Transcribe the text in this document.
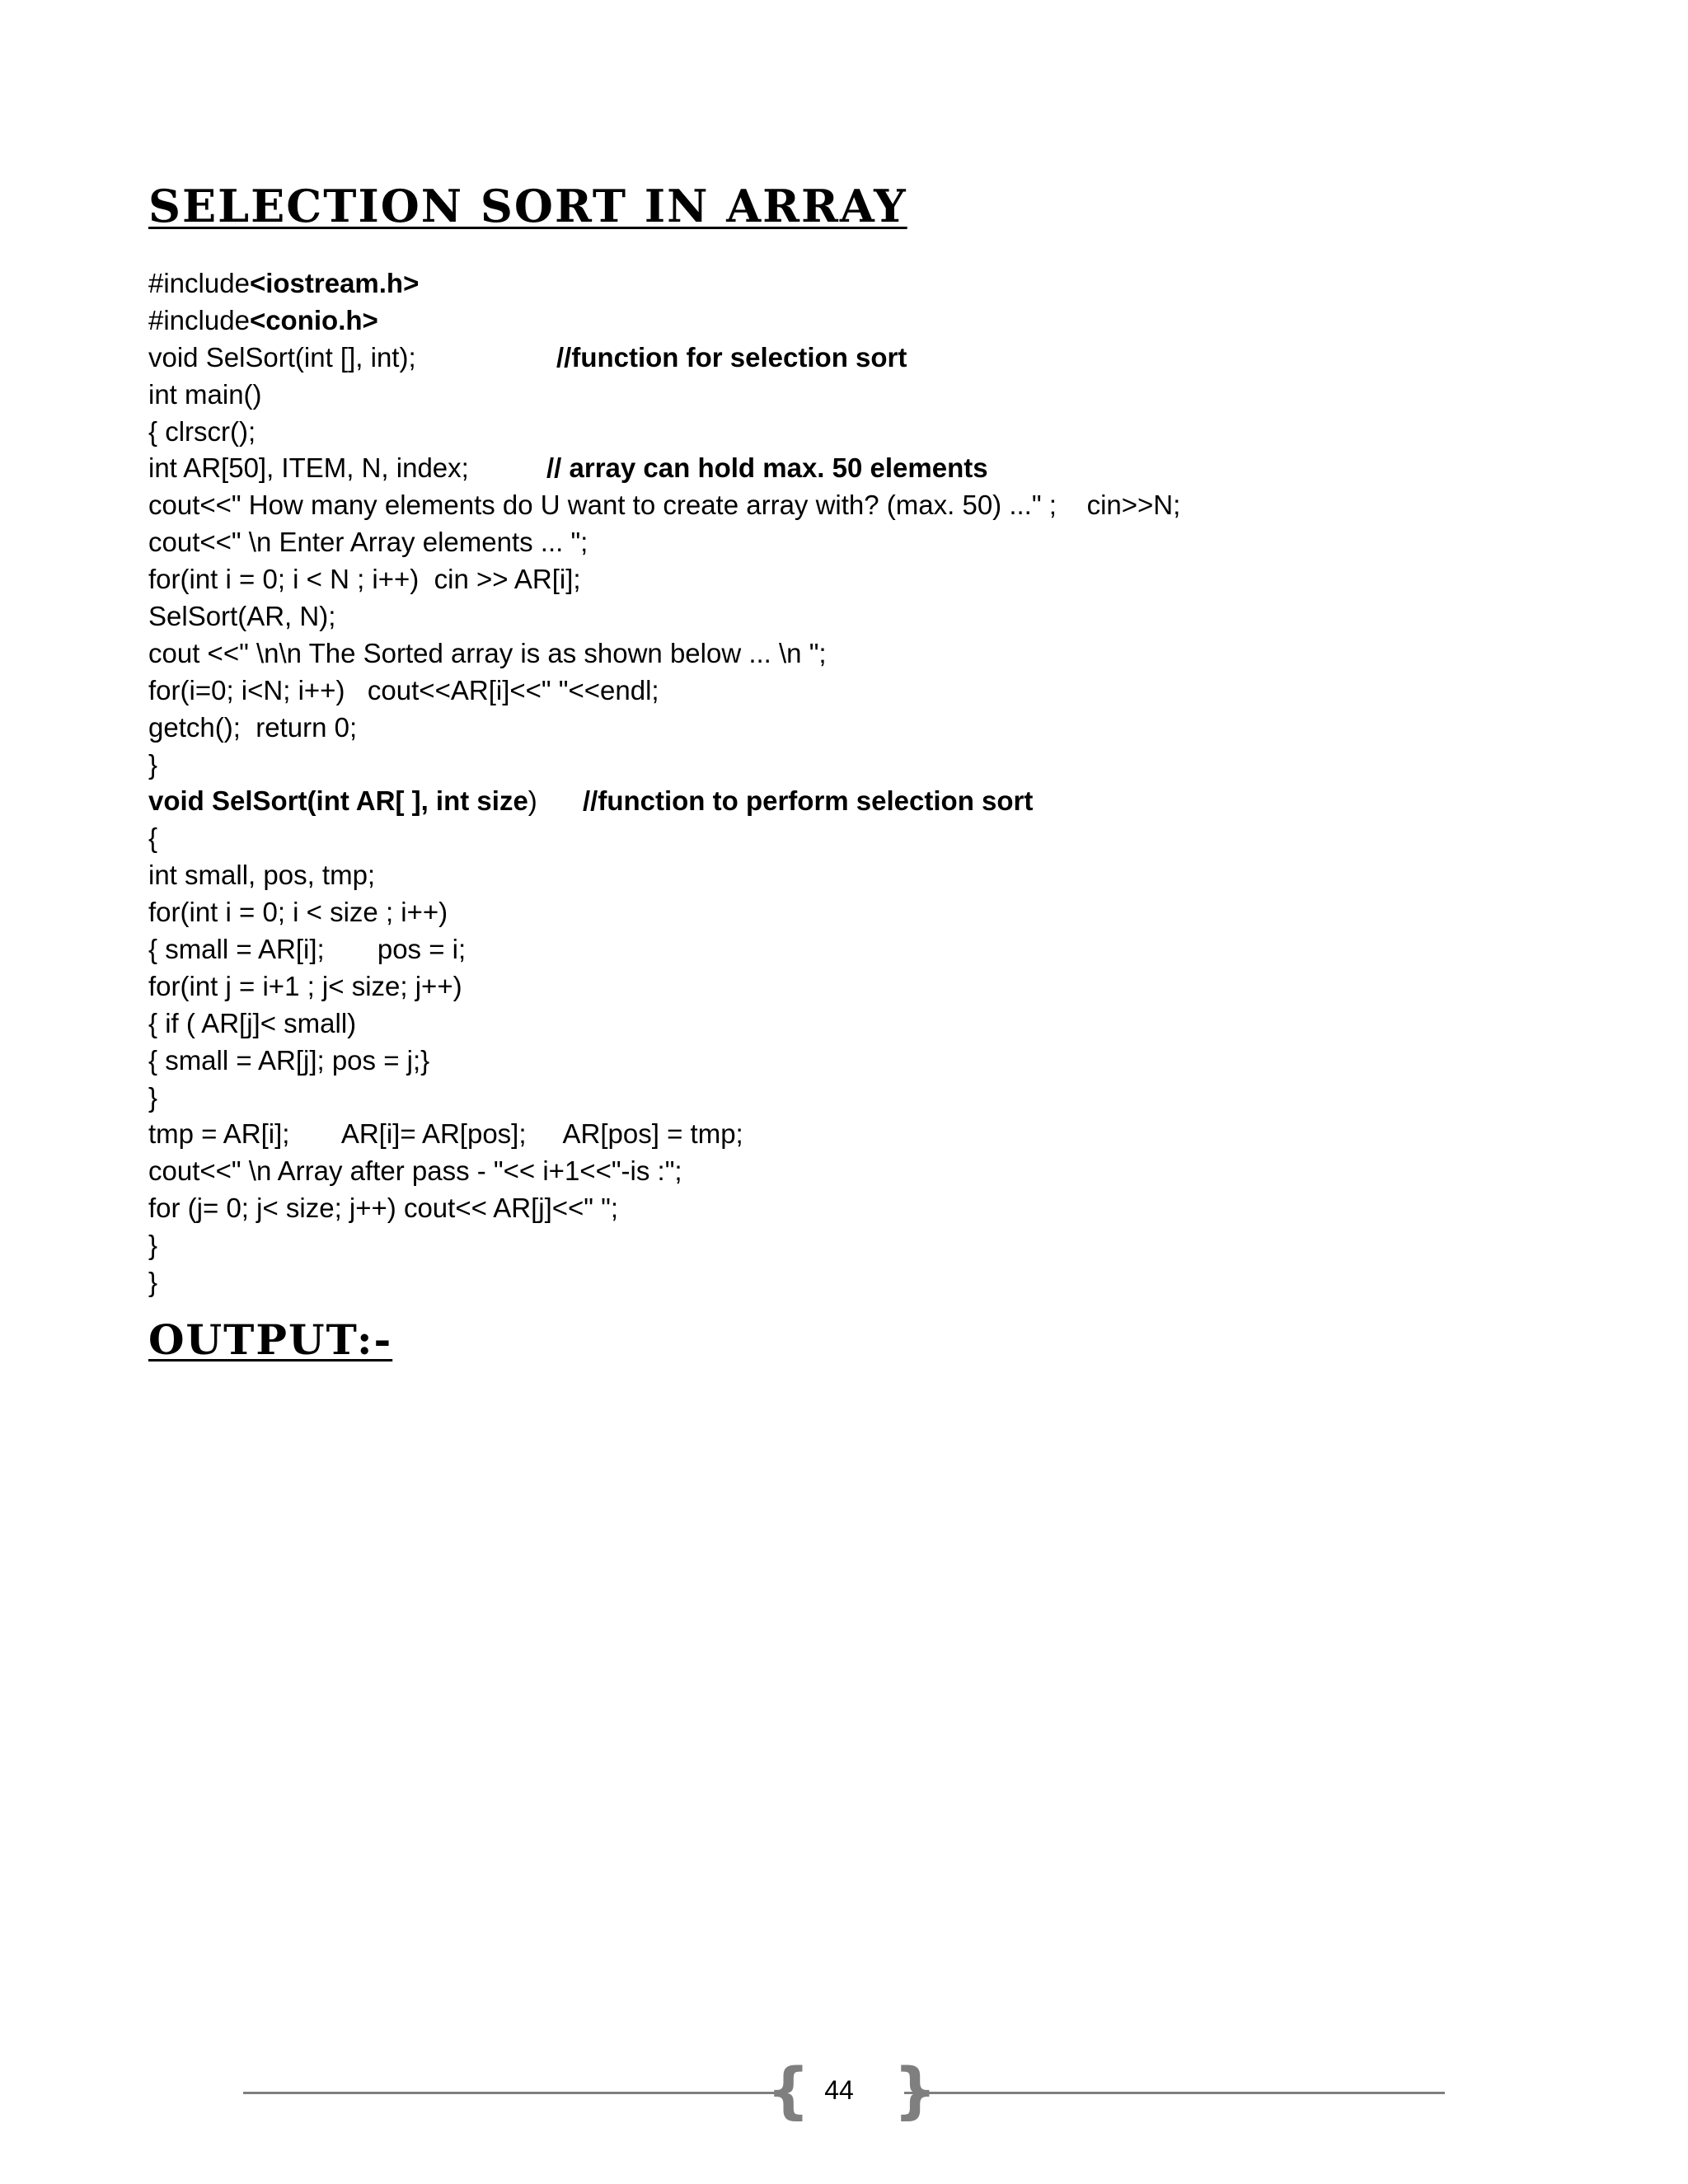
SELECTION SORT IN ARRAY
#include<iostream.h>
#include<conio.h>
void SelSort(int [], int);	//function for selection sort
int main()
{ clrscr();
int AR[50], ITEM, N, index;	// array can hold max. 50 elements
cout<<" How many elements do U want to create array with? (max. 50) ..." ;    cin>>N;
cout<<" \n Enter Array elements ... ";
for(int i = 0; i < N ; i++)  cin >> AR[i];
SelSort(AR, N);
cout <<" \n\n The Sorted array is as shown below ... \n ";
for(i=0; i<N; i++)   cout<<AR[i]<<" "<<endl;
getch();  return 0;
}
void SelSort(int AR[ ], int size) //function to perform selection sort
{
int small, pos, tmp;
for(int i = 0; i < size ; i++)
{ small = AR[i];       pos = i;
for(int j = i+1 ; j< size; j++)
{ if ( AR[j]< small)
{ small = AR[j]; pos = j;}
}
tmp = AR[i];       AR[i]= AR[pos];     AR[pos] = tmp;
cout<<" \n Array after pass - "<< i+1<<"-is :";
for (j= 0; j< size; j++) cout<< AR[j]<<" ";
}
}
OUTPUT:-
{ }
44
